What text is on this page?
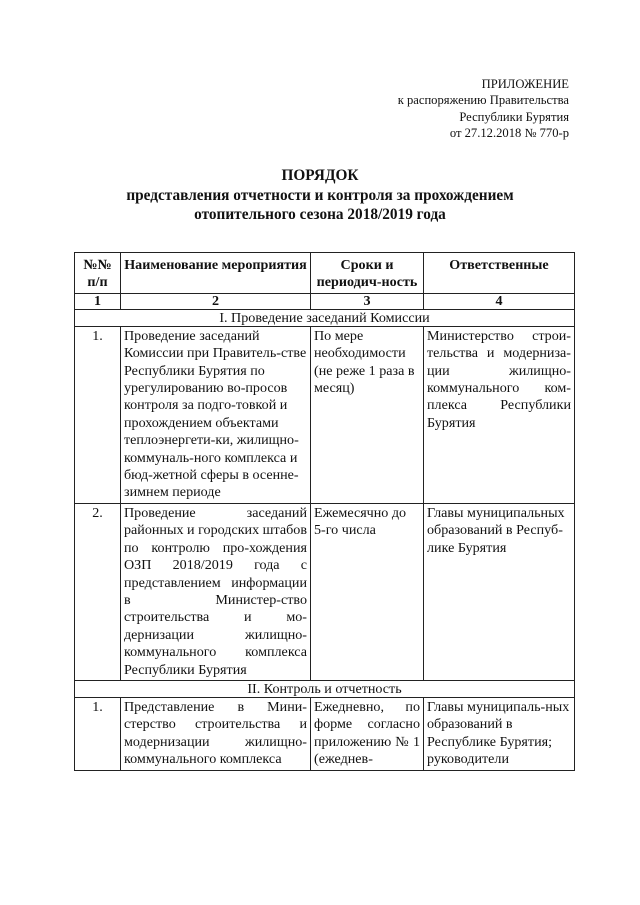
ПРИЛОЖЕНИЕ
к распоряжению Правительства
Республики Бурятия
от 27.12.2018 № 770-р
ПОРЯДОК
представления отчетности и контроля за прохождением
отопительного сезона 2018/2019 года
№№ п/п	Наименование мероприятия	Сроки и периодич-ность	Ответственные
1	2	3	4
I. Проведение заседаний Комиссии			
1.	Проведение заседаний Комиссии при Правитель-стве Республики Бурятия по урегулированию во-просов контроля за подго-товкой и прохождением объектами теплоэнергети-ки, жилищно-коммуналь-ного комплекса и бюд-жетной сферы в осенне-зимнем периоде	По мере необходимости (не реже 1 раза в месяц)	Министерство строи-тельства и модерниза-ции жилищно-коммунального ком-плекса Республики Бурятия
2.	Проведение заседаний районных и городских штабов по контролю про-хождения ОЗП 2018/2019 года с представлением информации в Министер-ство строительства и мо-дернизации жилищно-коммунального комплекса Республики Бурятия	Ежемесячно до 5-го числа	Главы муниципальных образований в Респуб-лике Бурятия
II. Контроль и отчетность			
1.	Представление в Мини-стерство строительства и модернизации жилищно-коммунального комплекса	Ежедневно, по форме согласно приложению № 1 (ежеднев-	Главы муниципаль-ных образований в Республике Бурятия; руководители
